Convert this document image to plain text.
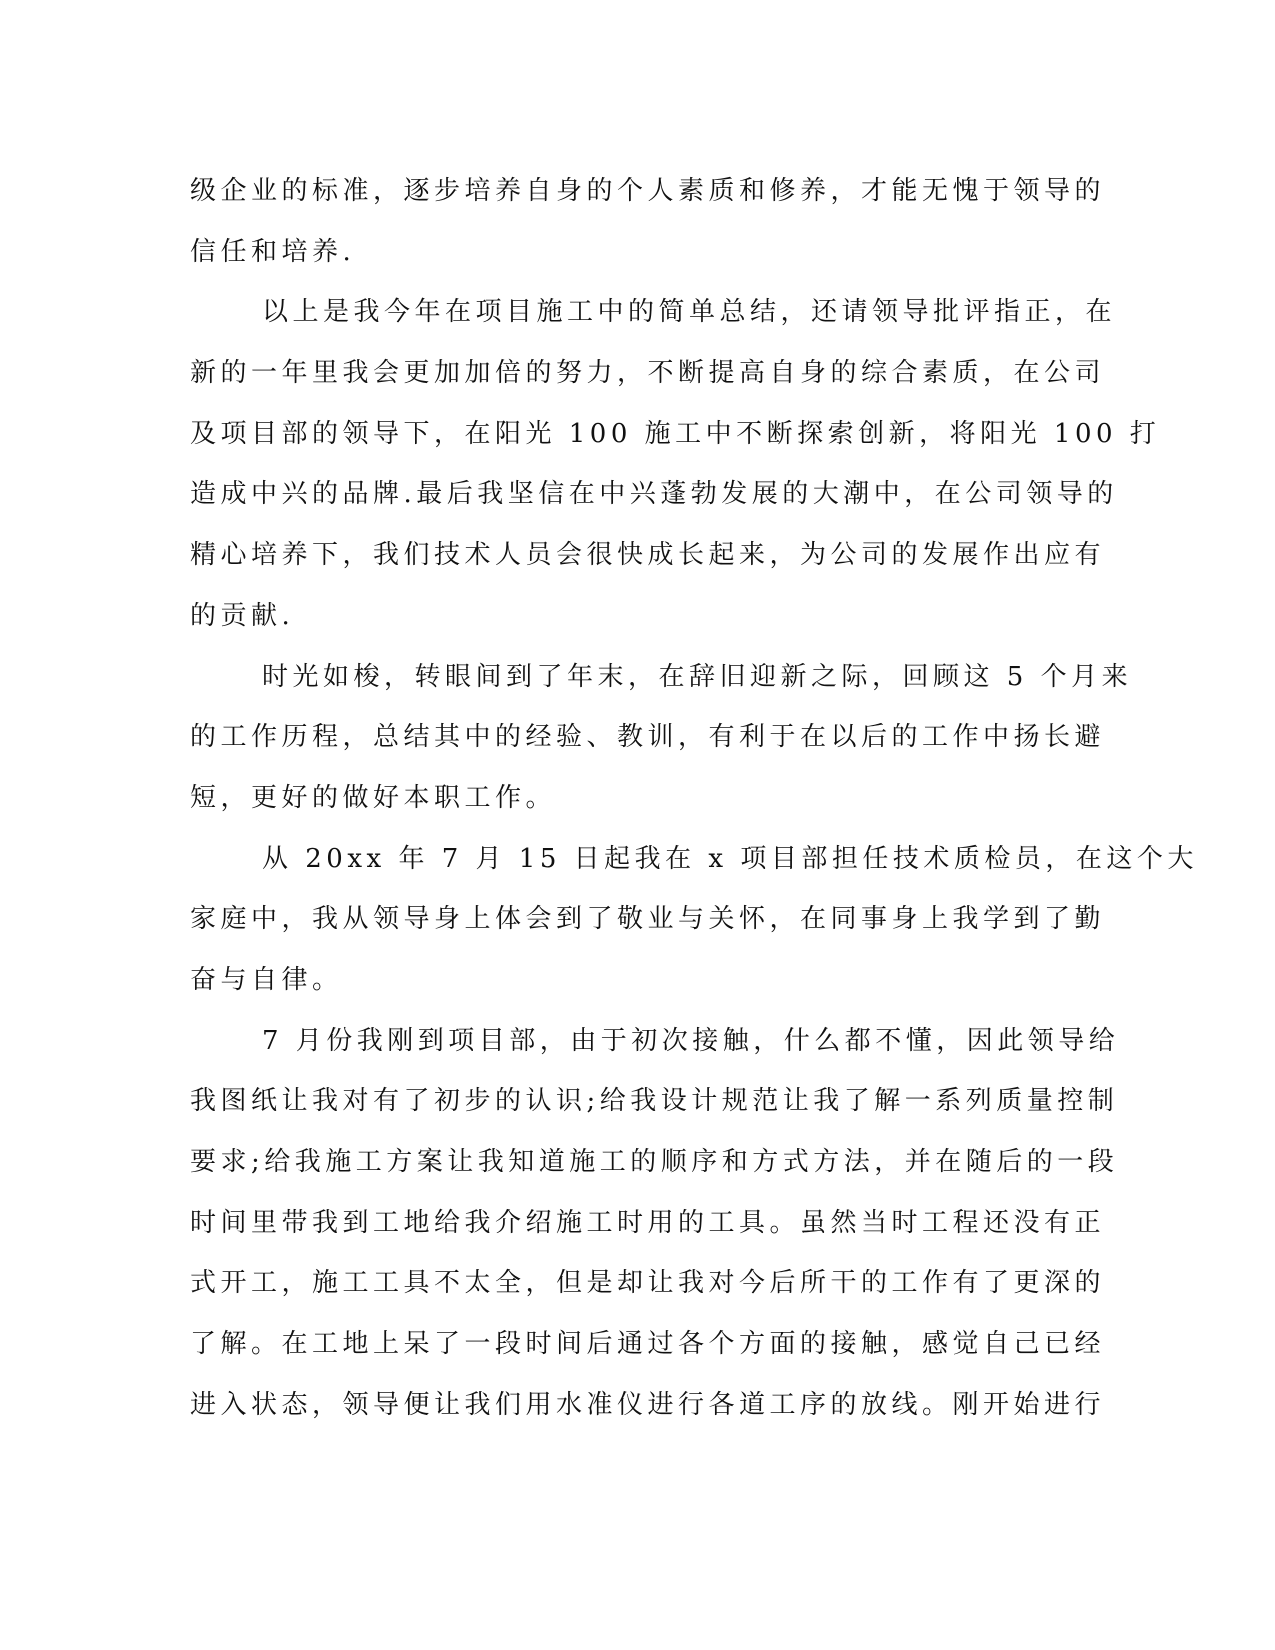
级企业的标准，逐步培养自身的个人素质和修养，才能无愧于领导的
信任和培养.
以上是我今年在项目施工中的简单总结，还请领导批评指正，在
新的一年里我会更加加倍的努力，不断提高自身的综合素质，在公司
及项目部的领导下，在阳光 100 施工中不断探索创新，将阳光 100 打
造成中兴的品牌.最后我坚信在中兴蓬勃发展的大潮中，在公司领导的
精心培养下，我们技术人员会很快成长起来，为公司的发展作出应有
的贡献.
时光如梭，转眼间到了年末，在辞旧迎新之际，回顾这 5 个月来
的工作历程，总结其中的经验、教训，有利于在以后的工作中扬长避
短，更好的做好本职工作。
从 20xx 年 7 月 15 日起我在 x 项目部担任技术质检员，在这个大
家庭中，我从领导身上体会到了敬业与关怀，在同事身上我学到了勤
奋与自律。
7 月份我刚到项目部，由于初次接触，什么都不懂，因此领导给
我图纸让我对有了初步的认识;给我设计规范让我了解一系列质量控制
要求;给我施工方案让我知道施工的顺序和方式方法，并在随后的一段
时间里带我到工地给我介绍施工时用的工具。虽然当时工程还没有正
式开工，施工工具不太全，但是却让我对今后所干的工作有了更深的
了解。在工地上呆了一段时间后通过各个方面的接触，感觉自己已经
进入状态，领导便让我们用水准仪进行各道工序的放线。刚开始进行
